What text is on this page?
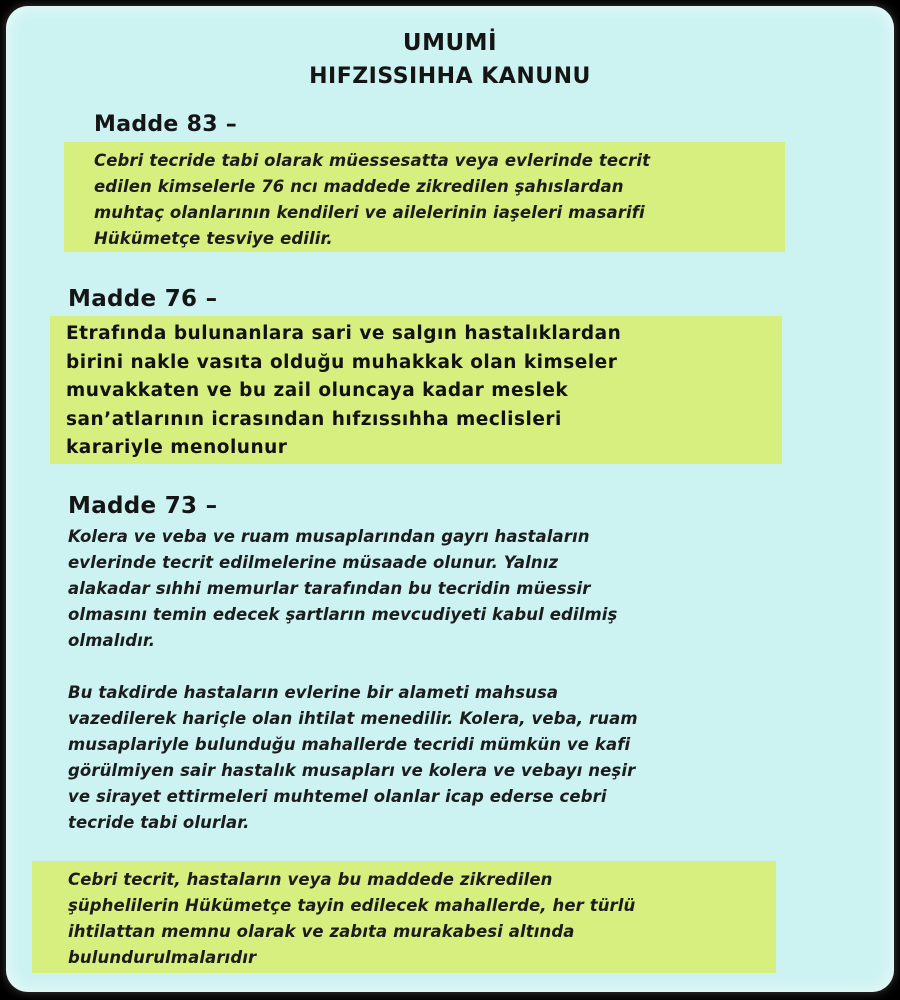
UMUMİ
HIFZISSIHHA KANUNU
Madde 83 –

Cebri tecride tabi olarak müessesatta veya evlerinde tecrit

edilen kimselerle 76 ncı maddede zikredilen şahıslardan

muhtaç olanlarının kendileri ve ailelerinin iaşeleri masarifi

Hükümetçe tesviye edilir.

Madde 76 –

Etrafında bulunanlara sari ve salgın hastalıklardan

birini nakle vasıta olduğu muhakkak olan kimseler

muvakkaten ve bu zail oluncaya kadar meslek

san’atlarının icrasından hıfzıssıhha meclisleri

karariyle menolunur

Madde 73 –

Kolera ve veba ve ruam musaplarından gayrı hastaların

evlerinde tecrit edilmelerine müsaade olunur. Yalnız

alakadar sıhhi memurlar tarafından bu tecridin müessir

olmasını temin edecek şartların mevcudiyeti kabul edilmiş

olmalıdır.

Bu takdirde hastaların evlerine bir alameti mahsusa

vazedilerek hariçle olan ihtilat menedilir. Kolera, veba, ruam

musaplariyle bulunduğu mahallerde tecridi mümkün ve kafi

görülmiyen sair hastalık musapları ve kolera ve vebayı neşir

ve sirayet ettirmeleri muhtemel olanlar icap ederse cebri

tecride tabi olurlar.

Cebri tecrit, hastaların veya bu maddede zikredilen

şüphelilerin Hükümetçe tayin edilecek mahallerde, her türlü

ihtilattan memnu olarak ve zabıta murakabesi altında

bulundurulmalarıdır
